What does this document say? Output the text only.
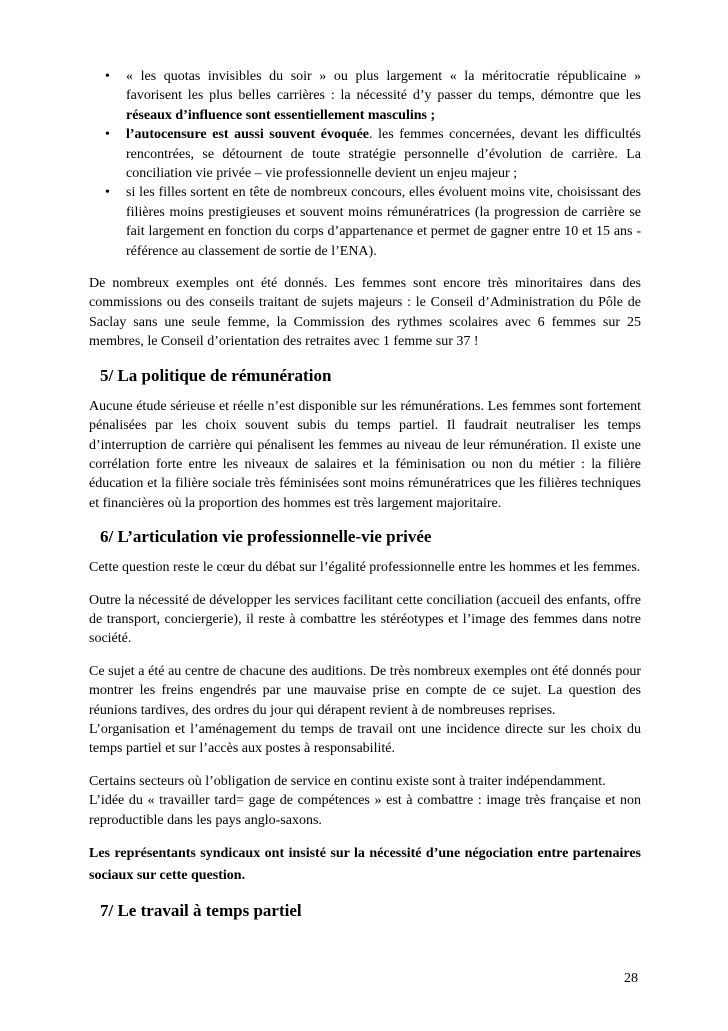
• « les quotas invisibles du soir » ou plus largement « la méritocratie républicaine » favorisent les plus belles carrières : la nécessité d’y passer du temps, démontre que les réseaux d’influence sont essentiellement masculins ;
• l’autocensure est aussi souvent évoquée. les femmes concernées, devant les difficultés rencontrées, se détournent de toute stratégie personnelle d’évolution de carrière. La conciliation vie privée – vie professionnelle devient un enjeu majeur ;
• si les filles sortent en tête de nombreux concours, elles évoluent moins vite, choisissant des filières moins prestigieuses et souvent moins rémunératrices (la progression de carrière se fait largement en fonction du corps d’appartenance et permet de gagner entre 10 et 15 ans - référence au classement de sortie de l’ENA).

De nombreux exemples ont été donnés. Les femmes sont encore très minoritaires dans des commissions ou des conseils traitant de sujets majeurs : le Conseil d’Administration du Pôle de Saclay sans une seule femme, la Commission des rythmes scolaires avec 6 femmes sur 25 membres, le Conseil d’orientation des retraites avec 1 femme sur 37 !

5/ La politique de rémunération

Aucune étude sérieuse et réelle n’est disponible sur les rémunérations. Les femmes sont fortement pénalisées par les choix souvent subis du temps partiel. Il faudrait neutraliser les temps d’interruption de carrière qui pénalisent les femmes au niveau de leur rémunération. Il existe une corrélation forte entre les niveaux de salaires et la féminisation ou non du métier : la filière éducation et la filière sociale très féminisées sont moins rémunératrices que les filières techniques et financières où la proportion des hommes est très largement majoritaire.

6/ L’articulation vie professionnelle-vie privée

Cette question reste le cœur du débat sur l’égalité professionnelle entre les hommes et les femmes.

Outre la nécessité de développer les services facilitant cette conciliation (accueil des enfants, offre de transport, conciergerie), il reste à combattre les stéréotypes et l’image des femmes dans notre société.

Ce sujet a été au centre de chacune des auditions. De très nombreux exemples ont été donnés pour montrer les freins engendrés par une mauvaise prise en compte de ce sujet. La question des réunions tardives, des ordres du jour qui dérapent revient à de nombreuses reprises.

L’organisation et l’aménagement du temps de travail ont une incidence directe sur les choix du temps partiel et sur l’accès aux postes à responsabilité.

Certains secteurs où l’obligation de service en continu existe sont à traiter indépendamment.

L’idée du « travailler tard= gage de compétences » est à combattre : image très française et non reproductible dans les pays anglo-saxons.

Les représentants syndicaux ont insisté sur la nécessité d’une négociation entre partenaires sociaux sur cette question.

7/ Le travail à temps partiel
28
